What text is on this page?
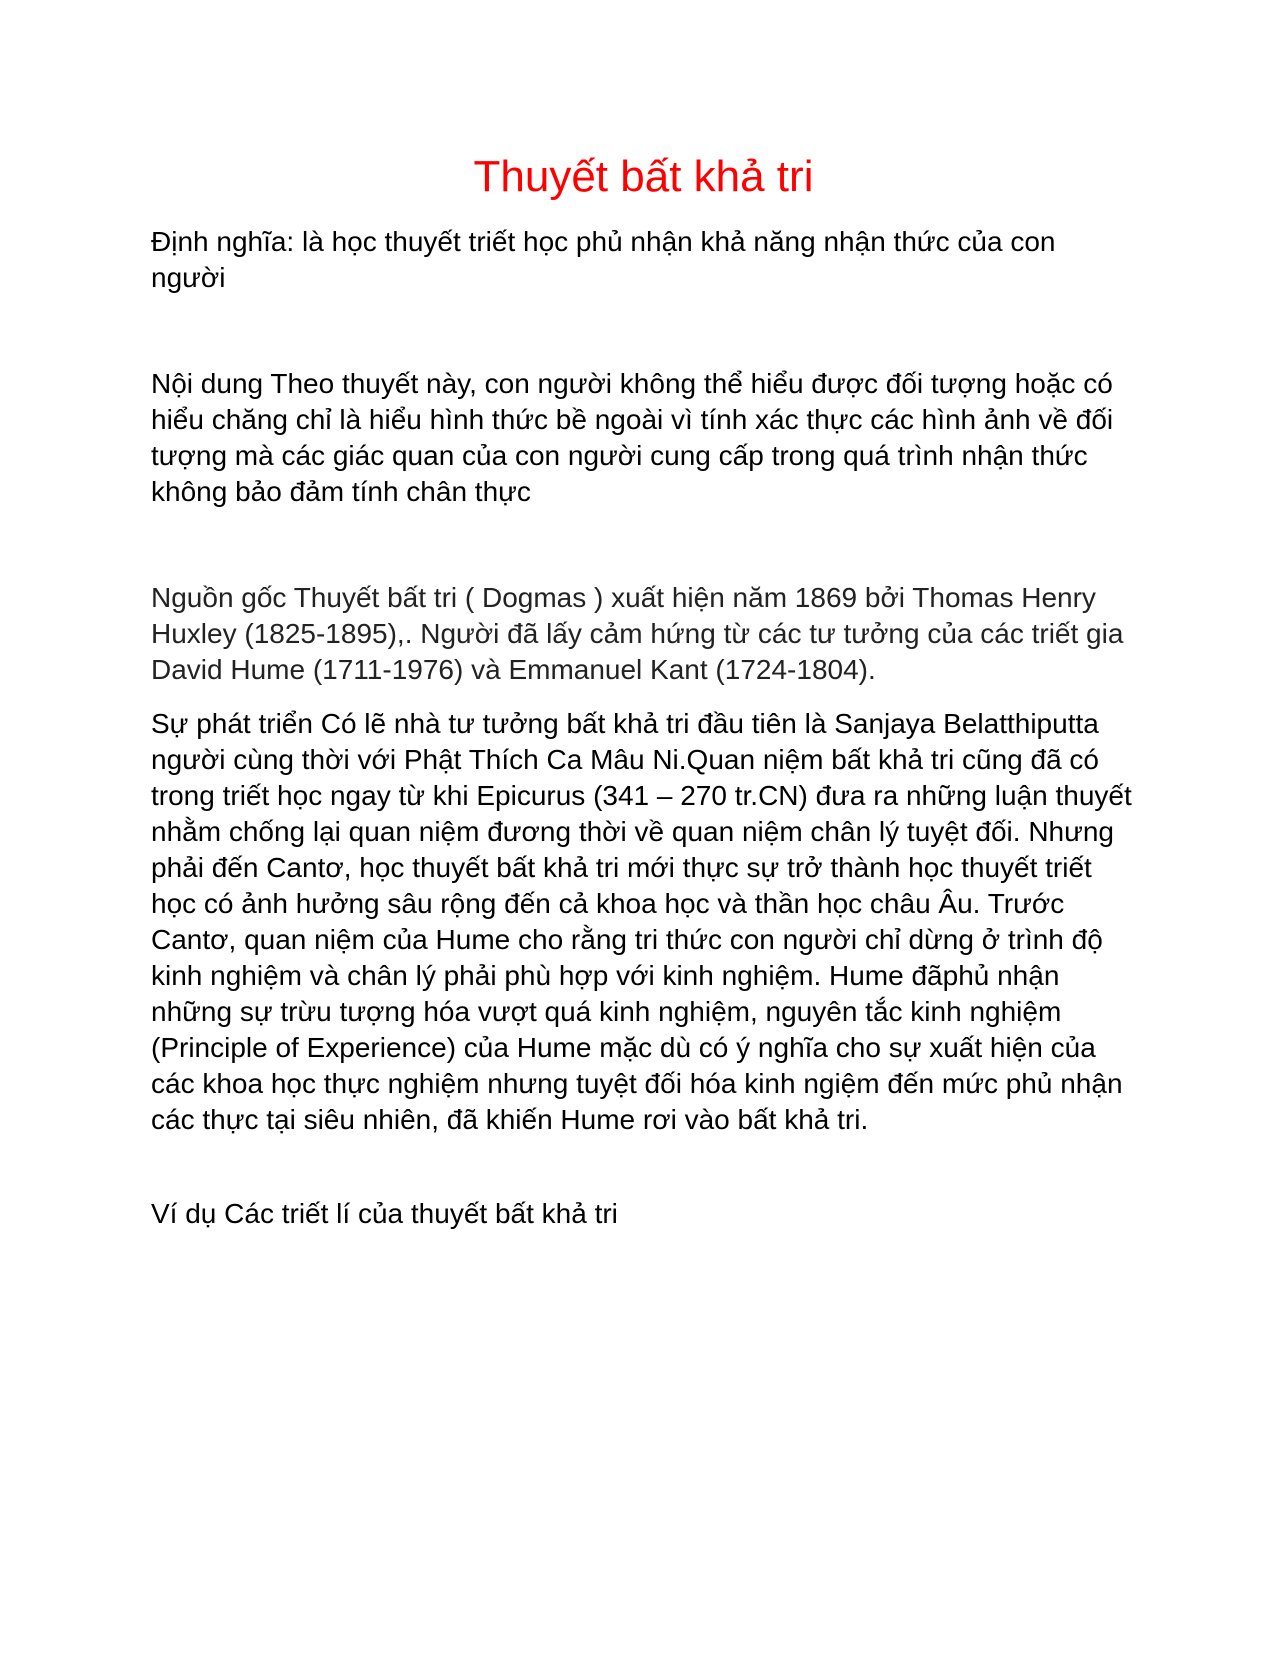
Thuyết bất khả tri

Định nghĩa: là học thuyết triết học phủ nhận khả năng nhận thức của con người

Nội dung Theo thuyết này, con người không thể hiểu được đối tượng hoặc có hiểu chăng chỉ là hiểu hình thức bề ngoài vì tính xác thực các hình ảnh về đối tượng mà các giác quan của con người cung cấp trong quá trình nhận thức không bảo đảm tính chân thực

Nguồn gốc Thuyết bất tri ( Dogmas ) xuất hiện năm 1869 bởi Thomas Henry Huxley (1825-1895),. Người đã lấy cảm hứng từ các tư tưởng của các triết gia David Hume (1711-1976) và Emmanuel Kant (1724-1804).

Sự phát triển Có lẽ nhà tư tưởng bất khả tri đầu tiên là Sanjaya Belatthiputta người cùng thời với Phật Thích Ca Mâu Ni.Quan niệm bất khả tri cũng đã có trong triết học ngay từ khi Epicurus (341 – 270 tr.CN) đưa ra những luận thuyết nhằm chống lại quan niệm đương thời về quan niệm chân lý tuyệt đối. Nhưng phải đến Cantơ, học thuyết bất khả tri mới thực sự trở thành học thuyết triết học có ảnh hưởng sâu rộng đến cả khoa học và thần học châu Âu. Trước Cantơ, quan niệm của Hume cho rằng tri thức con người chỉ dừng ở trình độ kinh nghiệm và chân lý phải phù hợp với kinh nghiệm. Hume đãphủ nhận những sự trừu tượng hóa vượt quá kinh nghiệm, nguyên tắc kinh nghiệm (Principle of Experience) của Hume mặc dù có ý nghĩa cho sự xuất hiện của các khoa học thực nghiệm nhưng tuyệt đối hóa kinh ngiệm đến mức phủ nhận các thực tại siêu nhiên, đã khiến Hume rơi vào bất khả tri.

Ví dụ Các triết lí của thuyết bất khả tri
